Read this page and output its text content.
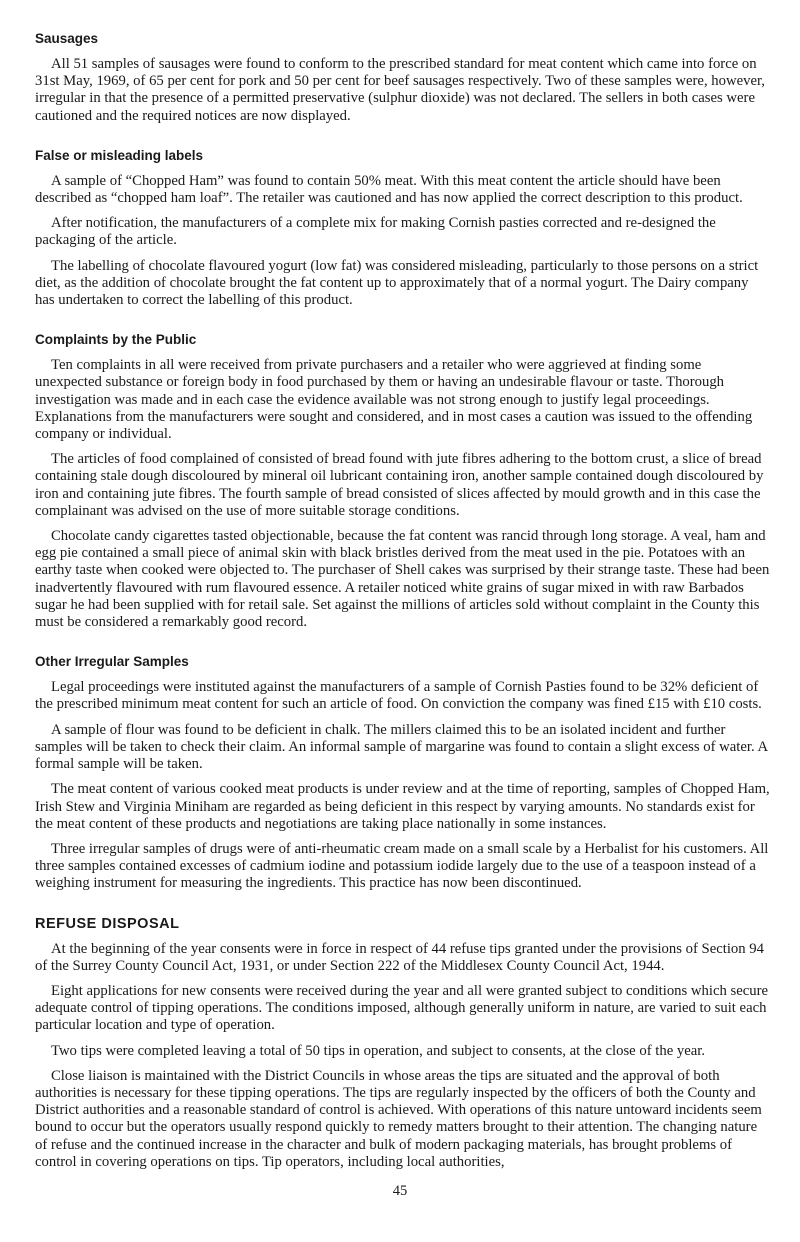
Sausages

All 51 samples of sausages were found to conform to the prescribed standard for meat content which came into force on 31st May, 1969, of 65 per cent for pork and 50 per cent for beef sausages respectively. Two of these samples were, however, irregular in that the presence of a permitted preservative (sulphur dioxide) was not declared. The sellers in both cases were cautioned and the required notices are now displayed.

False or misleading labels

A sample of “Chopped Ham” was found to contain 50% meat. With this meat content the article should have been described as “chopped ham loaf”. The retailer was cautioned and has now applied the correct description to this product.

After notification, the manufacturers of a complete mix for making Cornish pasties corrected and re-designed the packaging of the article.

The labelling of chocolate flavoured yogurt (low fat) was considered misleading, particularly to those persons on a strict diet, as the addition of chocolate brought the fat content up to approximately that of a normal yogurt. The Dairy company has undertaken to correct the labelling of this product.

Complaints by the Public

Ten complaints in all were received from private purchasers and a retailer who were aggrieved at finding some unexpected substance or foreign body in food purchased by them or having an undesirable flavour or taste. Thorough investigation was made and in each case the evidence available was not strong enough to justify legal proceedings. Explanations from the manufacturers were sought and considered, and in most cases a caution was issued to the offending company or individual.

The articles of food complained of consisted of bread found with jute fibres adhering to the bottom crust, a slice of bread containing stale dough discoloured by mineral oil lubricant containing iron, another sample contained dough discoloured by iron and containing jute fibres. The fourth sample of bread consisted of slices affected by mould growth and in this case the complainant was advised on the use of more suitable storage conditions.

Chocolate candy cigarettes tasted objectionable, because the fat content was rancid through long storage. A veal, ham and egg pie contained a small piece of animal skin with black bristles derived from the meat used in the pie. Potatoes with an earthy taste when cooked were objected to. The purchaser of Shell cakes was surprised by their strange taste. These had been inadvertently flavoured with rum flavoured essence. A retailer noticed white grains of sugar mixed in with raw Barbados sugar he had been supplied with for retail sale. Set against the millions of articles sold without complaint in the County this must be considered a remarkably good record.

Other Irregular Samples

Legal proceedings were instituted against the manufacturers of a sample of Cornish Pasties found to be 32% deficient of the prescribed minimum meat content for such an article of food. On conviction the company was fined £15 with £10 costs.

A sample of flour was found to be deficient in chalk. The millers claimed this to be an isolated incident and further samples will be taken to check their claim. An informal sample of margarine was found to contain a slight excess of water. A formal sample will be taken.

The meat content of various cooked meat products is under review and at the time of reporting, samples of Chopped Ham, Irish Stew and Virginia Miniham are regarded as being deficient in this respect by varying amounts. No standards exist for the meat content of these products and negotiations are taking place nationally in some instances.

Three irregular samples of drugs were of anti-rheumatic cream made on a small scale by a Herbalist for his customers. All three samples contained excesses of cadmium iodine and potassium iodide largely due to the use of a teaspoon instead of a weighing instrument for measuring the ingredients. This practice has now been discontinued.

REFUSE DISPOSAL

At the beginning of the year consents were in force in respect of 44 refuse tips granted under the provisions of Section 94 of the Surrey County Council Act, 1931, or under Section 222 of the Middlesex County Council Act, 1944.

Eight applications for new consents were received during the year and all were granted subject to conditions which secure adequate control of tipping operations. The conditions imposed, although generally uniform in nature, are varied to suit each particular location and type of operation.

Two tips were completed leaving a total of 50 tips in operation, and subject to consents, at the close of the year.

Close liaison is maintained with the District Councils in whose areas the tips are situated and the approval of both authorities is necessary for these tipping operations. The tips are regularly inspected by the officers of both the County and District authorities and a reasonable standard of control is achieved. With operations of this nature untoward incidents seem bound to occur but the operators usually respond quickly to remedy matters brought to their attention. The changing nature of refuse and the continued increase in the character and bulk of modern packaging materials, has brought problems of control in covering operations on tips. Tip operators, including local authorities,

45
